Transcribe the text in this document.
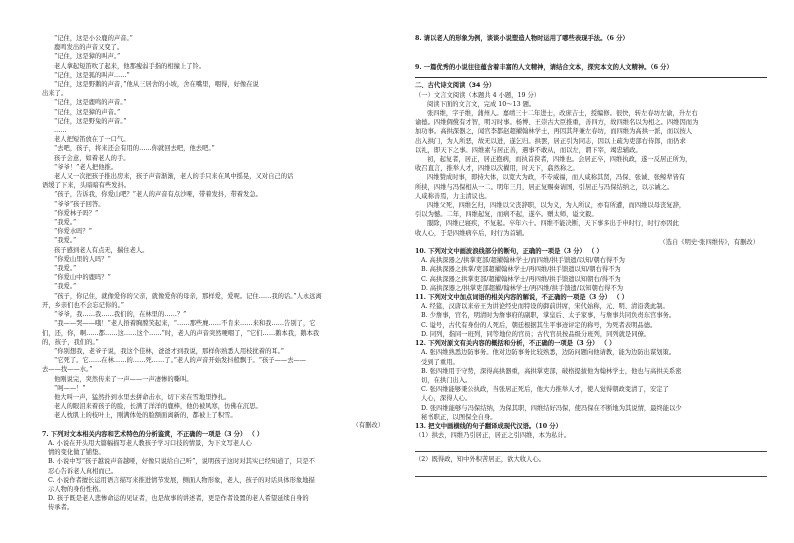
“记住，这是小公鹿的声音。”

鹿鸣发出的声音又变了。

“记住，这是獐的叫声。”

老人拿起短笛吹了起来，他那瘦弱手指的相撞上了铃。

“记住，这是狐的叫声……”

“记住，这是野鹅的声音，”他从三居舍的小坡，舍在嘴里，咽得，好像在说

出来了。

“记住，这是鹿鸣的声音。”

“记住，这是獐的声音。”

“记住，这是野兔的声音。”

……

老人把短笛放在了一口气。

“去吧，孩子，将来还会有用的……你就回去吧，他去吧。”

孩子会意，如着老人的手。

“爷爷！”老人把他推。

老人又一次把孩子推出房来，孩子声音渐渐，老人的手只来在风中摇晃，又对自己的话

语缓了下来，头暗暗有些发抖。

“孩子，告诉我，你爱山吧？”老人的声音有点沙哑，带着发抖，带着发急。

“爷爷”孩子回答。

“你爱林子吗？”

“我爱。”

“你爱水吗？”

“我爱。”

孩子感到老人有点无，揣住老人。

“你爱山里的人吗？”

“我爱。”

“你爱山中的鹿吗？”

“我爱。”

“孩子，你记住，就像爱你的父亲，就像爱你的母亲，那样爱，爱呢。记住……我的话。”人永远离

开，乡亲们也不会忘记你的。”

“爷爷，我……我……我们的，在林里的……？”

“我——哭——哦！”老人捂着胸膛笑起来，“……那些麂……不肯来……来和我……告别了，它

们，还，你，啊……都……这……这个……”时，老人的声音突然哽咽了，“它们……鹅本我，鹅本我

的，孩子，我们的。”

“你别想我，老爷子说，我这个佳林，爸爸才到我说，那样你熟悉人用枝扰着的耳。”

“它死了。它……在林……的……死……了。”老人的声音开始发抖般飘于。“孩子——去——

去——找——水。”

他刚说完，突然传来了一声——一声凄惨的嘶叫。

“呵——！”

他大叫一声，猛然扑到水里去拼命击水，切下来在雪地里挣扎。

老人的眼泪来着孩子的脸，长满了洋洋的鹿棒，他仍被风寒，仿佛在沉思。

老人枕肌上的枝叶上，刚满体处的脸额面离新的，都被上了积雪。

（有删改）

7. 下列对文本相关内容和艺术特色的分析鉴赏，不正确的一项是（3 分） （ ）

A. 小说在开头用大篇幅描写老人教孩子学习口技的情景，为下文写老人心

情的变化做了铺垫。

B. 小说中写“孩子越说声音越哑，好像只说给自己听”，说明孩子这时对其实已经知道了，只是不

忍心告诉老人真相而已。

C. 小说作者擅长运用语言描写来推进情节发展，侧面人物形象，老人，孩子的对话具体形象地描

示人物的身份性格。

D. 孩子既是老人悲惨命运的见证者，也是故事的讲述者，更是作者设置的老人希望延续自身的

传承者。

8. 请以老人的形象为例，谈谈小说塑造人物时运用了哪些表现手法。（6 分）

9. 一篇优秀的小说往往蕴含着丰富的人文精神，请结合文本，探究本文的人文精神。（6 分）

二、古代诗文阅读（34 分）

（一）文言文阅读（本题共 4 小题，19 分）

阅读下面的文言文，完成 10～13 题。

张四维，字子维，蒲州人。嘉靖三十二年进士，改庶吉士，授编修。很快，转左春坊左谕，升左右

谕德。四维倜傥有才智，明习时事。杨博、王崇古大臣推重，善四方，故四维名以为相之。四维因而为

加功事。高拱深器之，闻官李都赵超擢翰林学士，再因其拜兼左春坊，而四维为高拱一派，而以按人

出入拱门，为人所恶，故无以进，遂乞归。拱罢，居正引为同志，因以上疏为吏部右侍郎，而仍求

以礼，即天下之事。四维素与居正善，遇事不敢从，而以左，谓下宰，竭忠辅政。

初，起复者，居正，居正抱病，而执首揆者，四维也。会居正卒，四维执政，遂一反居正所为，

收召直言，推举人才，四维以次擢用，时天下，翕然称之。

四维赞成时事，即持大体，以宽大为政，不专威福，而人咸称其贤，冯保、张诚、张鲸辈皆有

所挟，四维与冯保相从一二。明年三月，居正复赐奏请国，引居正与冯保结纳之，以示诫之。

人咸称善焉，力主清议也。

四维父死，四维乞归，四维以父丧辞职，以为义，为人所议，亦有所遭，而四维以母丧复辞，

引以为憾。二年，四维起复，而病不起，遂卒。赠太师，谥文毅。

服除，四维已寝疾，不复起。卒年六十。四维不能决断，天下事多出于申时行，时行亦因此

收人心，于是四维病卒后，时行为首辅。

（选自《明史·张四维传》，有删改）

10. 下列对文中画波浪线部分的断句，正确的一项是（3 分） （ ）

A. 高拱深器之/拱掌吏部/超擢翰林学士/而四维/拱手馈遗/以知/朝右得不为

B. 高拱深器之拱掌/吏部超擢翰林学士/再四维/拱手馈遗以知/朝右得不为

C. 高拱深器之拱掌吏部/超擢翰林学士/再四维/拱手馈遗以知朝右/得不为

D. 高拱深器之/拱掌吏部超擢/翰林学士/再四维/拱手馈遗/以知朝右得不为

11. 下列对文中加点词语的相关内容的解说，不正确的一项是（3 分） （ ）

A. 经筵，汉唐以来帝王为讲论经史而特设的御前讲席，宋代始称，元、明、清沿袭此制。

B. 少詹事，官名，明清时为詹事府的副职，掌皇后、太子家事，与詹事共同负责东宫事务。

C. 谥号，古代有身份的人死后，朝廷根据其生平事迹评定的称号，为死者表明品德。

D. 同列，指同一班列，同等地位的官员；古代官员按品级分班列，同列就是同僚。

12. 下列对原文有关内容的概括和分析，不正确的一项是（3 分） （ ）

A. 张四维熟悉边防事务。他对边防事务比较熟悉，边防问题向他请教，能为边防出谋划策。

受到了重用。

B. 张四维用于守势，深得高拱器重，高拱掌吏部，破格提拔他为翰林学士，他也与高拱关系密

切，在拱门出入。

C. 张四维能够秉公执政，当张居正死后，他大力推举人才，使人觉得朝政变清了，安定了

人心，深得人心。

D. 张四维能够与冯保结纳，为保其职，四维结好冯保，使冯保在不断地为其说情，最终能以少

秘书职正，以图保全自身。

13. 把文中画横线的句子翻译成现代汉语。（10 分）

（1）拱去，四维乃引居正，居正之引四维，本为私计。

（2）既得政，知中外积苦居正，欲大收人心。
